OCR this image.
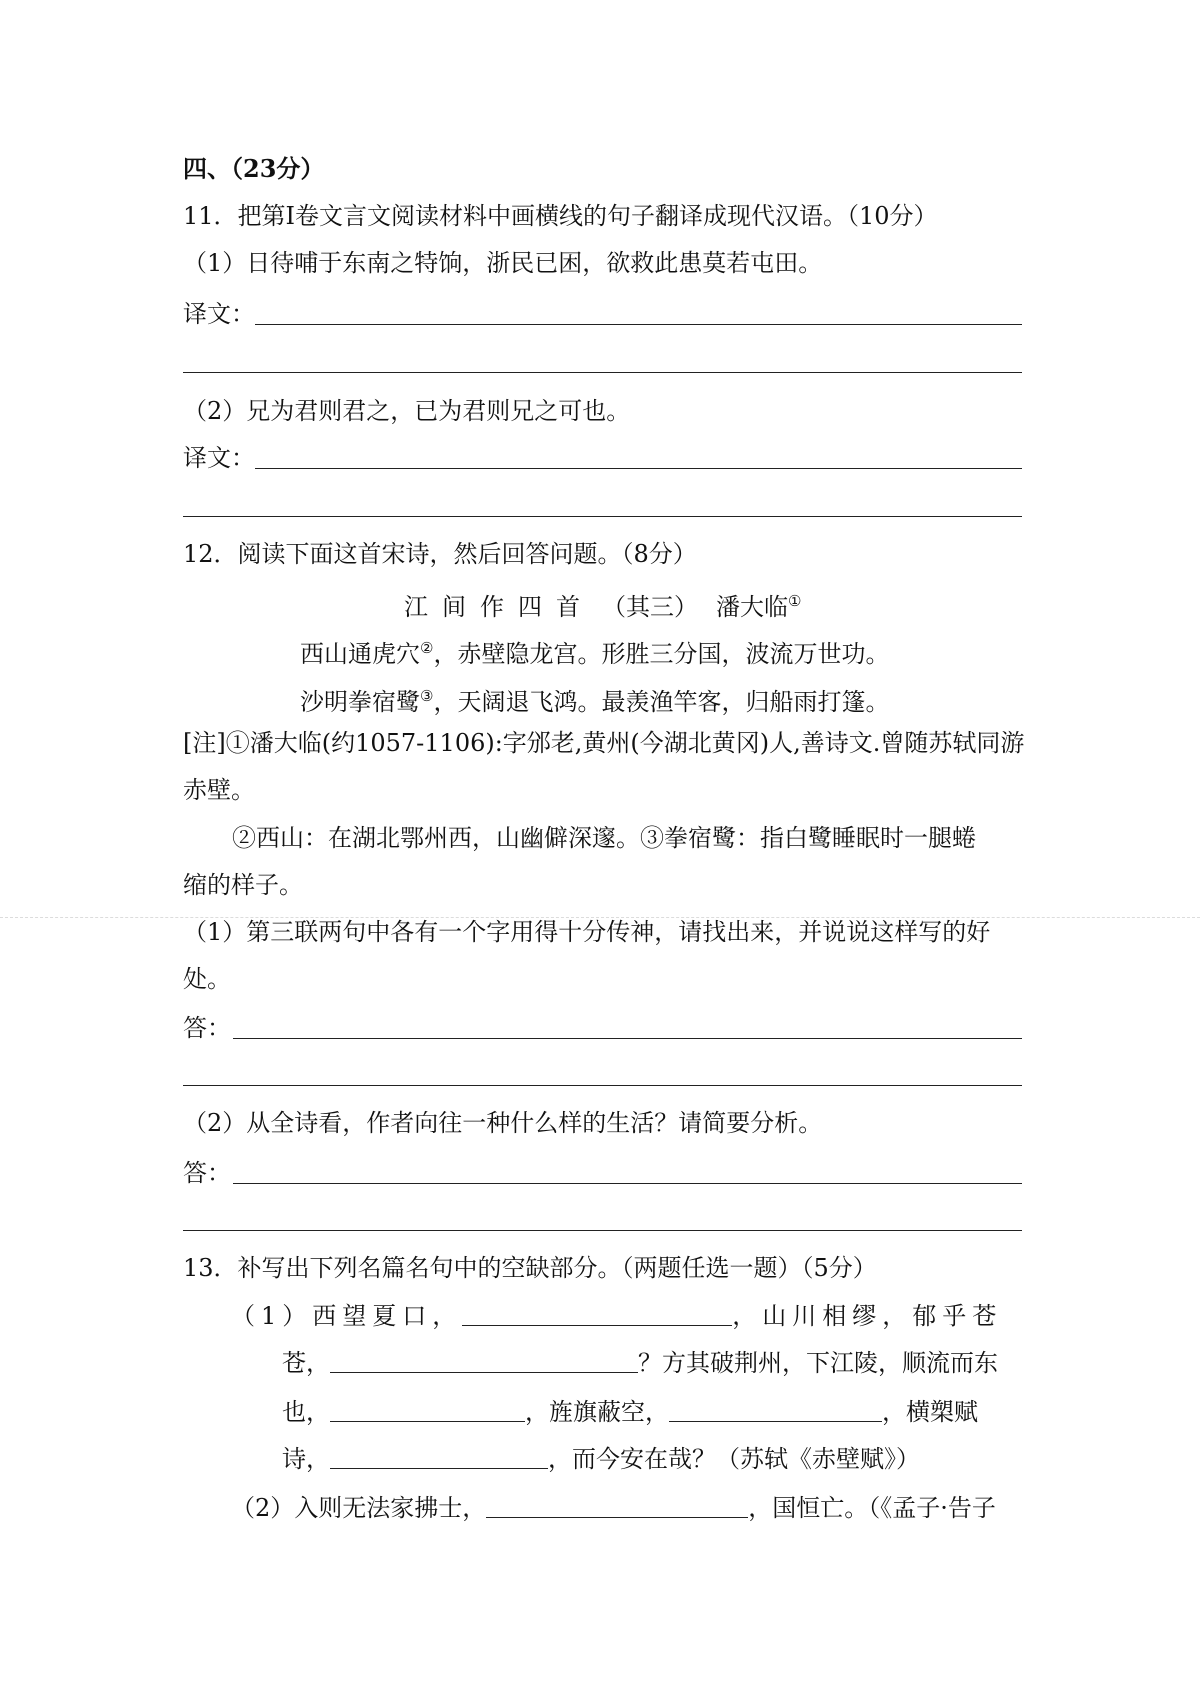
四、（23分）
11．把第Ⅰ卷文言文阅读材料中画横线的句子翻译成现代汉语。（10分）
（1）日待哺于东南之特饷，浙民已困，欲救此患莫若屯田。
译文：
（2）兄为君则君之，已为君则兄之可也。
译文：
12．阅读下面这首宋诗，然后回答问题。（8分）
江 间 作 四 首 （其三） 潘大临①
西山通虎穴②，赤壁隐龙宫。形胜三分国，波流万世功。
沙明拳宿鹭③，天阔退飞鸿。最羡渔竿客，归船雨打篷。
[注]①潘大临(约1057-1106):字邠老,黄州(今湖北黄冈)人,善诗文.曾随苏轼同游
赤壁。
②西山：在湖北鄂州西，山幽僻深邃。③拳宿鹭：指白鹭睡眠时一腿蜷
缩的样子。
（1）第三联两句中各有一个字用得十分传神，请找出来，并说说这样写的好
处。
答：
（2）从全诗看，作者向往一种什么样的生活？请简要分析。
答：
13．补写出下列名篇名句中的空缺部分。（两题任选一题）（5分）
（1）西望夏口，	，山川相缪，郁乎苍
苍，	？方其破荆州，下江陵，顺流而东
也，	，旌旗蔽空，	，横槊赋
诗，	，而今安在哉？（苏轼《赤壁赋》）
（2）入则无法家拂士，	，国恒亡。（《孟子·告子
